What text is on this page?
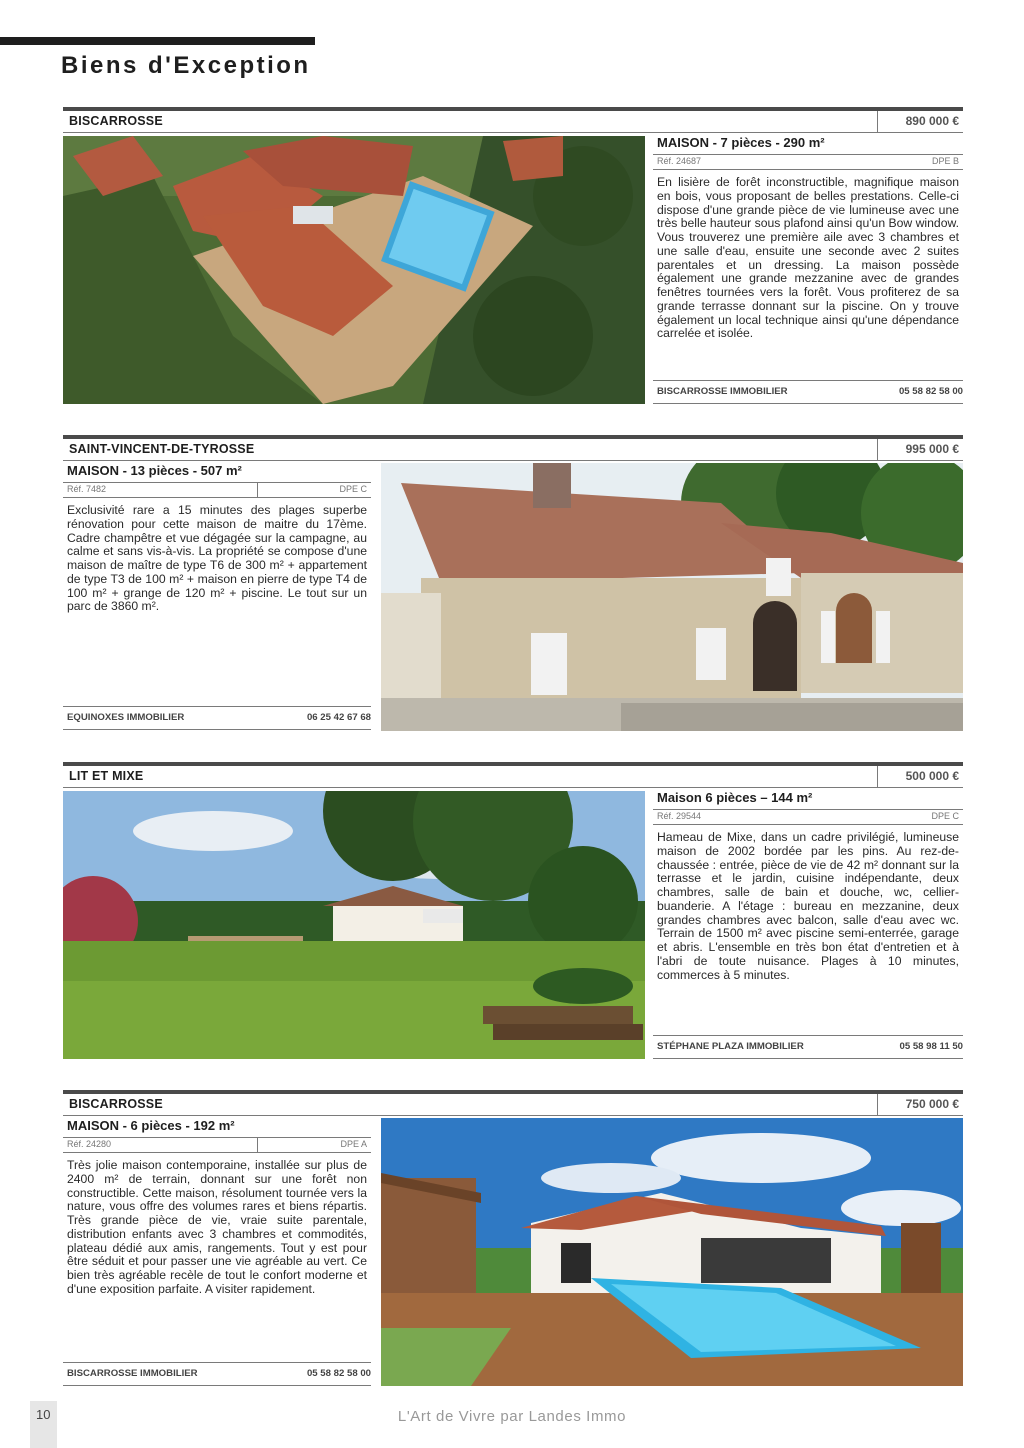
Biens d'Exception
BISCARROSSE	890 000 €
MAISON - 7 pièces - 290 m²
Réf. 24687	DPE B
En lisière de forêt inconstructible, magnifique maison en bois, vous proposant de belles prestations. Celle-ci dispose d'une grande pièce de vie lumineuse avec une très belle hauteur sous plafond ainsi qu'un Bow window. Vous trouverez une première aile avec 3 chambres et une salle d'eau, ensuite une seconde avec 2 suites parentales et un dressing. La maison possède également une grande mezzanine avec de grandes fenêtres tournées vers la forêt. Vous profiterez de sa grande terrasse donnant sur la piscine. On y trouve également un local technique ainsi qu'une dépendance carrelée et isolée.
BISCARROSSE IMMOBILIER	05 58 82 58 00
SAINT-VINCENT-DE-TYROSSE	995 000 €
MAISON - 13 pièces - 507 m²
Réf. 7482	DPE C
Exclusivité rare a 15 minutes des plages superbe rénovation pour cette maison de maitre du 17ème. Cadre champêtre et vue dégagée sur la campagne, au calme et sans vis-à-vis. La propriété se compose d'une maison de maître de type T6 de 300 m² + appartement de type T3 de 100 m² + maison en pierre de type T4 de 100 m² + grange de 120 m² + piscine. Le tout sur un parc de 3860 m².
EQUINOXES IMMOBILIER	06 25 42 67 68
LIT ET MIXE	500 000 €
Maison 6 pièces – 144 m²
Réf. 29544	DPE C
Hameau de Mixe, dans un cadre privilégié, lumineuse maison de 2002 bordée par les pins. Au rez-de-chaussée : entrée, pièce de vie de 42 m² donnant sur la terrasse et le jardin, cuisine indépendante, deux chambres, salle de bain et douche, wc, cellier-buanderie. A l'étage : bureau en mezzanine, deux grandes chambres avec balcon, salle d'eau avec wc. Terrain de 1500 m² avec piscine semi-enterrée, garage et abris. L'ensemble en très bon état d'entretien et à l'abri de toute nuisance. Plages à 10 minutes, commerces à 5 minutes.
STÉPHANE PLAZA IMMOBILIER	05 58 98 11 50
BISCARROSSE	750 000 €
MAISON - 6 pièces - 192 m²
Réf. 24280	DPE A
Très jolie maison contemporaine, installée sur plus de 2400 m² de terrain, donnant sur une forêt non constructible. Cette maison, résolument tournée vers la nature, vous offre des volumes rares et biens répartis. Très grande pièce de vie, vraie suite parentale, distribution enfants avec 3 chambres et commodités, plateau dédié aux amis, rangements. Tout y est pour être séduit et pour passer une vie agréable au vert. Ce bien très agréable recèle de tout le confort moderne et d'une exposition parfaite. A visiter rapidement.
BISCARROSSE IMMOBILIER	05 58 82 58 00
10	L'Art de Vivre par Landes Immo
